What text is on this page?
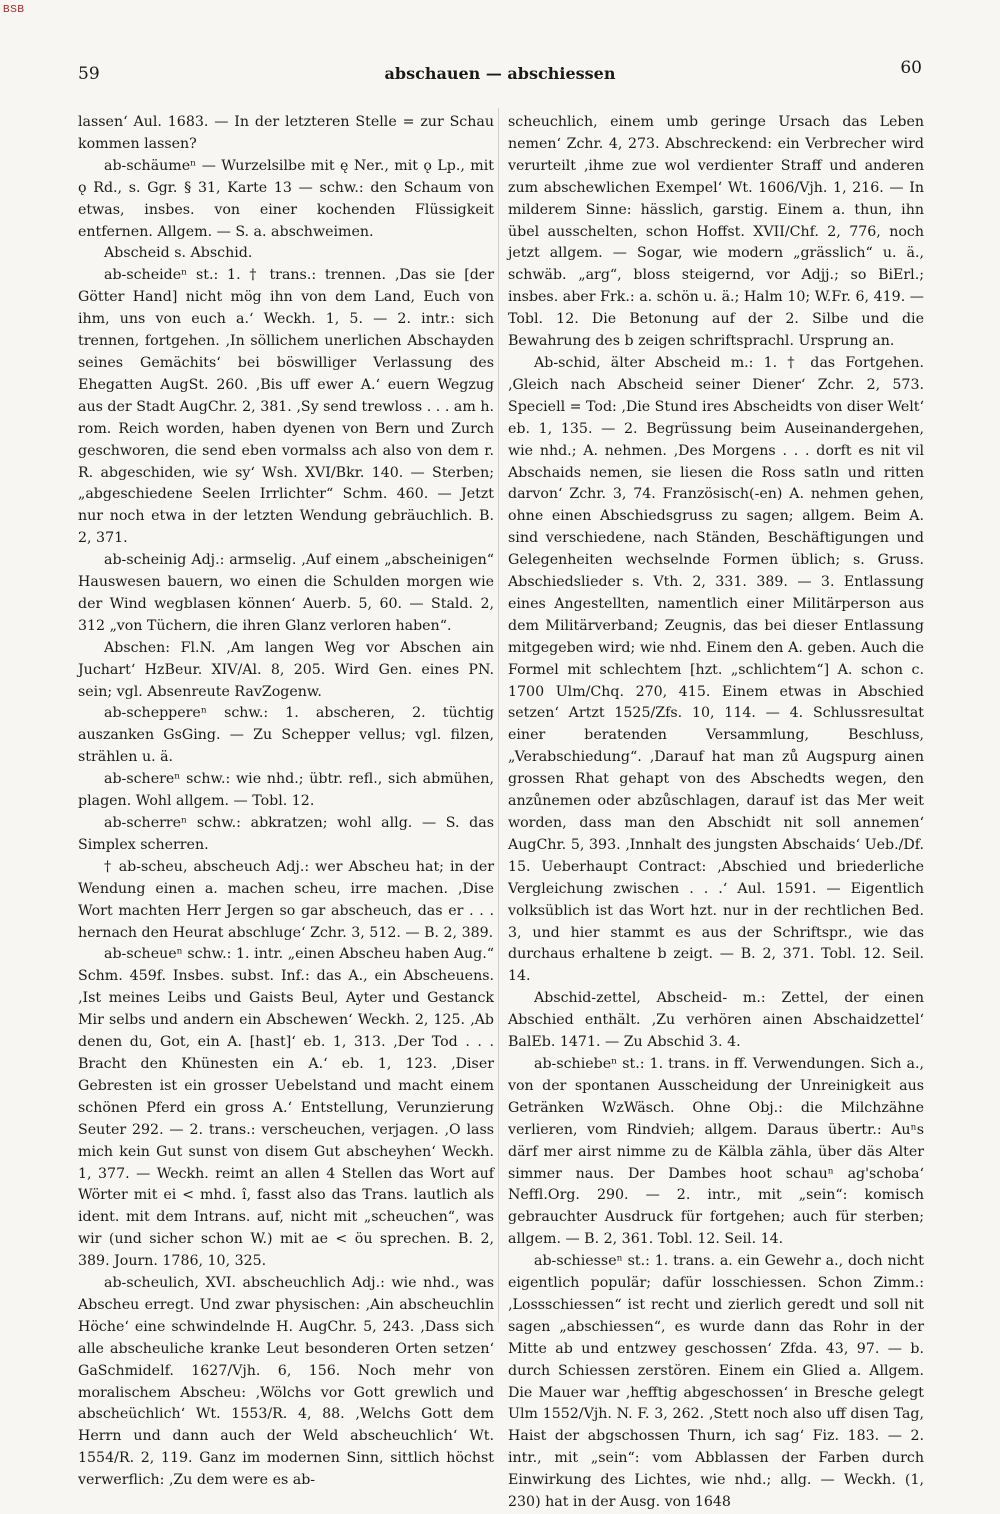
BSB
59	abschauen — abschiessen	60

lassen‘ Aul. 1683. — In der letzteren Stelle = zur Schau kommen lassen?

ab-schäumeⁿ — Wurzelsilbe mit ę Ner., mit ǫ Lp., mit ǫ Rd., s. Ggr. § 31, Karte 13 — schw.: den Schaum von etwas, insbes. von einer kochenden Flüssigkeit entfernen. Allgem. — S. a. abschweimen.

Abscheid s. Abschid.

ab-scheideⁿ st.: 1. † trans.: trennen. ‚Das sie [der Götter Hand] nicht mög ihn von dem Land, Euch von ihm, uns von euch a.‘ Weckh. 1, 5. — 2. intr.: sich trennen, fortgehen. ‚In söllichem unerlichen Abschayden seines Gemächits‘ bei böswilliger Verlassung des Ehegatten AugSt. 260. ‚Bis uff ewer A.‘ euern Wegzug aus der Stadt AugChr. 2, 381. ‚Sy send trewloss . . . am h. rom. Reich worden, haben dyenen von Bern und Zurch geschworen, die send eben vormalss ach also von dem r. R. abgeschiden, wie sy‘ Wsh. XVI/Bkr. 140. — Sterben; „abgeschiedene Seelen Irrlichter“ Schm. 460. — Jetzt nur noch etwa in der letzten Wendung gebräuchlich. B. 2, 371.

ab-scheinig Adj.: armselig. ‚Auf einem „abscheinigen“ Hauswesen bauern, wo einen die Schulden morgen wie der Wind wegblasen können‘ Auerb. 5, 60. — Stald. 2, 312 „von Tüchern, die ihren Glanz verloren haben“.

Abschen: Fl.N. ‚Am langen Weg vor Abschen ain Juchart‘ HzBeur. XIV/Al. 8, 205. Wird Gen. eines PN. sein; vgl. Absenreute RavZogenw.

ab-scheppereⁿ schw.: 1. abscheren, 2. tüchtig auszanken GsGing. — Zu Schepper vellus; vgl. filzen, strählen u. ä.

ab-schereⁿ schw.: wie nhd.; übtr. refl., sich abmühen, plagen. Wohl allgem. — Tobl. 12.

ab-scherreⁿ schw.: abkratzen; wohl allg. — S. das Simplex scherren.

† ab-scheu, abscheuch Adj.: wer Abscheu hat; in der Wendung einen a. machen scheu, irre machen. ‚Dise Wort machten Herr Jergen so gar abscheuch, das er . . . hernach den Heurat abschluge‘ Zchr. 3, 512. — B. 2, 389.

ab-scheueⁿ schw.: 1. intr. „einen Abscheu haben Aug.“ Schm. 459f. Insbes. subst. Inf.: das A., ein Abscheuens. ‚Ist meines Leibs und Gaists Beul, Ayter und Gestanck Mir selbs und andern ein Abschewen‘ Weckh. 2, 125. ‚Ab denen du, Got, ein A. [hast]‘ eb. 1, 313. ‚Der Tod . . . Bracht den Khünesten ein A.‘ eb. 1, 123. ‚Diser Gebresten ist ein grosser Uebelstand und macht einem schönen Pferd ein gross A.‘ Entstellung, Verunzierung Seuter 292. — 2. trans.: verscheuchen, verjagen. ‚O lass mich kein Gut sunst von disem Gut abscheyhen‘ Weckh. 1, 377. — Weckh. reimt an allen 4 Stellen das Wort auf Wörter mit ei < mhd. î, fasst also das Trans. lautlich als ident. mit dem Intrans. auf, nicht mit „scheuchen“, was wir (und sicher schon W.) mit ae < öu sprechen. B. 2, 389. Journ. 1786, 10, 325.

ab-scheulich, XVI. abscheuchlich Adj.: wie nhd., was Abscheu erregt. Und zwar physischen: ‚Ain abscheuchlin Höche‘ eine schwindelnde H. AugChr. 5, 243. ‚Dass sich alle abscheuliche kranke Leut besonderen Orten setzen‘ GaSchmidelf. 1627/Vjh. 6, 156. Noch mehr von moralischem Abscheu: ‚Wölchs vor Gott grewlich und abscheüchlich‘ Wt. 1553/R. 4, 88. ‚Welchs Gott dem Herrn und dann auch der Weld abscheuchlich‘ Wt. 1554/R. 2, 119. Ganz im modernen Sinn, sittlich höchst verwerflich: ‚Zu dem were es ab-

scheuchlich, einem umb geringe Ursach das Leben nemen‘ Zchr. 4, 273. Abschreckend: ein Verbrecher wird verurteilt ‚ihme zue wol verdienter Straff und anderen zum abschewlichen Exempel‘ Wt. 1606/Vjh. 1, 216. — In milderem Sinne: hässlich, garstig. Einem a. thun, ihn übel ausschelten, schon Hoffst. XVII/Chf. 2, 776, noch jetzt allgem. — Sogar, wie modern „grässlich“ u. ä., schwäb. „arg“, bloss steigernd, vor Adjj.; so BiErl.; insbes. aber Frk.: a. schön u. ä.; Halm 10; W.Fr. 6, 419. — Tobl. 12. Die Betonung auf der 2. Silbe und die Bewahrung des b zeigen schriftsprachl. Ursprung an.

Ab-schid, älter Abscheid m.: 1. † das Fortgehen. ‚Gleich nach Abscheid seiner Diener‘ Zchr. 2, 573. Speciell = Tod: ‚Die Stund ires Abscheidts von diser Welt‘ eb. 1, 135. — 2. Begrüssung beim Auseinandergehen, wie nhd.; A. nehmen. ‚Des Morgens . . . dorft es nit vil Abschaids nemen, sie liesen die Ross satln und ritten darvon‘ Zchr. 3, 74. Französisch(-en) A. nehmen gehen, ohne einen Abschiedsgruss zu sagen; allgem. Beim A. sind verschiedene, nach Ständen, Beschäftigungen und Gelegenheiten wechselnde Formen üblich; s. Gruss. Abschiedslieder s. Vth. 2, 331. 389. — 3. Entlassung eines Angestellten, namentlich einer Militärperson aus dem Militärverband; Zeugnis, das bei dieser Entlassung mitgegeben wird; wie nhd. Einem den A. geben. Auch die Formel mit schlechtem [hzt. „schlichtem“] A. schon c. 1700 Ulm/Chq. 270, 415. Einem etwas in Abschied setzen‘ Artzt 1525/Zfs. 10, 114. — 4. Schlussresultat einer beratenden Versammlung, Beschluss, „Verabschiedung“. ‚Darauf hat man zů Augspurg ainen grossen Rhat gehapt von des Abschedts wegen, den anzůnemen oder abzůschlagen, darauf ist das Mer weit worden, dass man den Abschidt nit soll annemen‘ AugChr. 5, 393. ‚Innhalt des jungsten Abschaids‘ Ueb./Df. 15. Ueberhaupt Contract: ‚Abschied und briederliche Vergleichung zwischen . . .‘ Aul. 1591. — Eigentlich volksüblich ist das Wort hzt. nur in der rechtlichen Bed. 3, und hier stammt es aus der Schriftspr., wie das durchaus erhaltene b zeigt. — B. 2, 371. Tobl. 12. Seil. 14.

Abschid-zettel, Abscheid- m.: Zettel, der einen Abschied enthält. ‚Zu verhören ainen Abschaidzettel‘ BalEb. 1471. — Zu Abschid 3. 4.

ab-schiebeⁿ st.: 1. trans. in ff. Verwendungen. Sich a., von der spontanen Ausscheidung der Unreinigkeit aus Getränken WzWäsch. Ohne Obj.: die Milchzähne verlieren, vom Rindvieh; allgem. Daraus übertr.: Auⁿs därf mer airst nimme zu de Kälbla zähla, über däs Alter simmer naus. Der Dambes hoot schauⁿ ag'schoba‘ Neffl.Org. 290. — 2. intr., mit „sein“: komisch gebrauchter Ausdruck für fortgehen; auch für sterben; allgem. — B. 2, 361. Tobl. 12. Seil. 14.

ab-schiesseⁿ st.: 1. trans. a. ein Gewehr a., doch nicht eigentlich populär; dafür losschiessen. Schon Zimm.: ‚Lossschiessen“ ist recht und zierlich geredt und soll nit sagen „abschiessen“, es wurde dann das Rohr in der Mitte ab und entzwey geschossen‘ Zfda. 43, 97. — b. durch Schiessen zerstören. Einem ein Glied a. Allgem. Die Mauer war ‚hefftig abgeschossen‘ in Bresche gelegt Ulm 1552/Vjh. N. F. 3, 262. ‚Stett noch also uff disen Tag, Haist der abgschossen Thurn, ich sag‘ Fiz. 183. — 2. intr., mit „sein“: vom Abblassen der Farben durch Einwirkung des Lichtes, wie nhd.; allg. — Weckh. (1, 230) hat in der Ausg. von 1648
